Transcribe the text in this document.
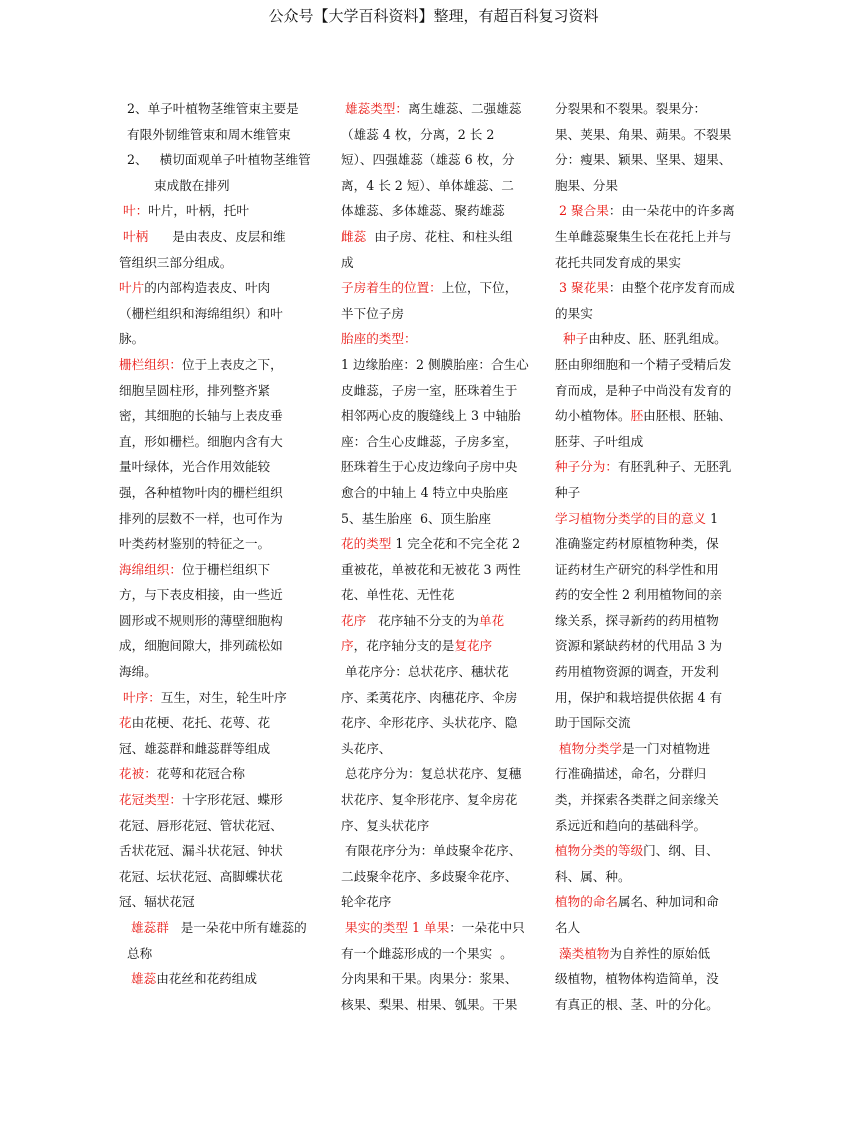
公众号【大学百科资料】整理，有超百科复习资料

2、单子叶植物茎维管束主要是

有限外韧维管束和周木维管束

2、   横切面观单子叶植物茎维管

束成散在排列

叶：叶片，叶柄，托叶

叶柄      是由表皮、皮层和维

管组织三部分组成。

叶片的内部构造表皮、叶肉

（栅栏组织和海绵组织）和叶

脉。

栅栏组织：位于上表皮之下，

细胞呈圆柱形，排列整齐紧

密，其细胞的长轴与上表皮垂

直，形如栅栏。细胞内含有大

量叶绿体，光合作用效能较

强，各种植物叶肉的栅栏组织

排列的层数不一样，也可作为

叶类药材鉴别的特征之一。

海绵组织：位于栅栏组织下

方，与下表皮相接，由一些近

圆形或不规则形的薄壁细胞构

成，细胞间隙大，排列疏松如

海绵。

叶序：互生，对生，轮生叶序

花由花梗、花托、花萼、花

冠、雄蕊群和雌蕊群等组成

花被：花萼和花冠合称

花冠类型：十字形花冠、蝶形

花冠、唇形花冠、管状花冠、

舌状花冠、漏斗状花冠、钟状

花冠、坛状花冠、高脚蝶状花

冠、辐状花冠

雄蕊群   是一朵花中所有雄蕊的

总称

雄蕊由花丝和花药组成

雄蕊类型：离生雄蕊、二强雄蕊

（雄蕊 4 枚，分离，2 长 2

短）、四强雄蕊（雄蕊 6 枚，分

离，4 长 2 短）、单体雄蕊、二

体雄蕊、多体雄蕊、聚药雄蕊

雌蕊  由子房、花柱、和柱头组

成

子房着生的位置：上位，下位，

半下位子房

胎座的类型：

1 边缘胎座：2 侧膜胎座：合生心

皮雌蕊，子房一室，胚珠着生于

相邻两心皮的腹缝线上 3 中轴胎

座：合生心皮雌蕊，子房多室，

胚珠着生于心皮边缘向子房中央

愈合的中轴上 4 特立中央胎座

5、基生胎座  6、顶生胎座

花的类型 1 完全花和不完全花 2

重被花，单被花和无被花 3 两性

花、单性花、无性花

花序   花序轴不分支的为单花

序，花序轴分支的是复花序

单花序分：总状花序、穗状花

序、柔荑花序、肉穗花序、伞房

花序、伞形花序、头状花序、隐

头花序、

总花序分为：复总状花序、复穗

状花序、复伞形花序、复伞房花

序、复头状花序

有限花序分为：单歧聚伞花序、

二歧聚伞花序、多歧聚伞花序、

轮伞花序

果实的类型 1 单果：一朵花中只

有一个雌蕊形成的一个果实  。

分肉果和干果。肉果分：浆果、

核果、梨果、柑果、瓠果。干果

分裂果和不裂果。裂果分：

果、荚果、角果、蒴果。不裂果

分：瘦果、颖果、坚果、翅果、

胞果、分果

2 聚合果：由一朵花中的许多离

生单雌蕊聚集生长在花托上并与

花托共同发育成的果实

3 聚花果：由整个花序发育而成

的果实

种子由种皮、胚、胚乳组成。

胚由卵细胞和一个精子受精后发

育而成，是种子中尚没有发育的

幼小植物体。胚由胚根、胚轴、

胚芽、子叶组成

种子分为：有胚乳种子、无胚乳

种子

学习植物分类学的目的意义 1

准确鉴定药材原植物种类，保

证药材生产研究的科学性和用

药的安全性 2 利用植物间的亲

缘关系，探寻新药的药用植物

资源和紧缺药材的代用品 3 为

药用植物资源的调查，开发利

用，保护和栽培提供依据 4 有

助于国际交流

植物分类学是一门对植物进

行准确描述，命名，分群归

类，并探索各类群之间亲缘关

系远近和趋向的基础科学。

植物分类的等级门、纲、目、

科、属、种。

植物的命名属名、种加词和命

名人

藻类植物为自养性的原始低

级植物，植物体构造简单，没

有真正的根、茎、叶的分化。
